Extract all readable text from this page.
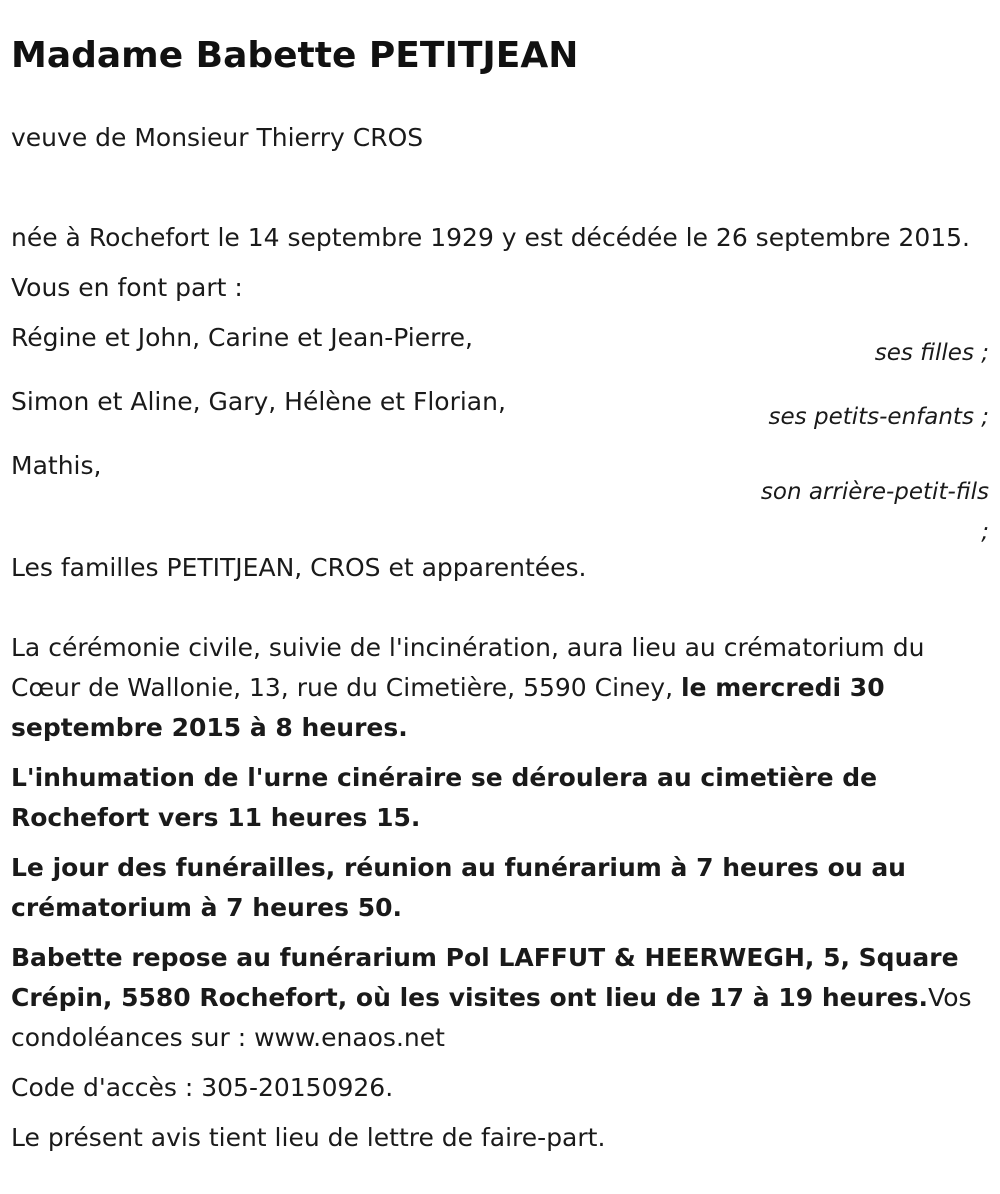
Madame Babette PETITJEAN

veuve de Monsieur Thierry CROS

née à Rochefort le 14 septembre 1929 y est décédée le 26 septembre 2015.

Vous en font part :

Régine et John, Carine et Jean-Pierre,
ses filles ;
Simon et Aline, Gary, Hélène et Florian,
ses petits-enfants ;
Mathis,
son arrière-petit-fils
;

Les familles PETITJEAN, CROS et apparentées.

La cérémonie civile, suivie de l'incinération, aura lieu au crématorium du Cœur de Wallonie, 13, rue du Cimetière, 5590 Ciney, le mercredi 30 septembre 2015 à 8 heures.

L'inhumation de l'urne cinéraire se déroulera au cimetière de Rochefort vers 11 heures 15.

Le jour des funérailles, réunion au funérarium à 7 heures ou au crématorium à 7 heures 50.

Babette repose au funérarium Pol LAFFUT & HEERWEGH, 5, Square Crépin, 5580 Rochefort, où les visites ont lieu de 17 à 19 heures.Vos condoléances sur : www.enaos.net

Code d'accès : 305-20150926.

Le présent avis tient lieu de lettre de faire-part.
